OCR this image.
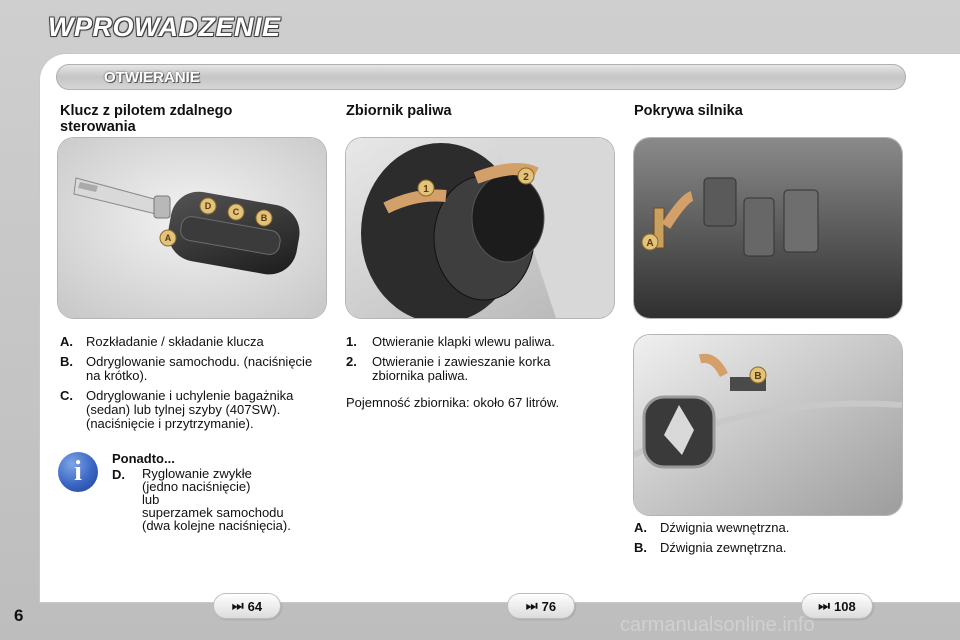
WPROWADZENIE
OTWIERANIE
Klucz z pilotem zdalnego sterowania
D
C
B
A
A.	Rozkładanie / składanie klucza
B.	Odryglowanie samochodu. (naciśnięcie na krótko).
C.	Odryglowanie i uchylenie bagażnika (sedan) lub tylnej szyby (407SW). (naciśnięcie i przytrzymanie).
i	Ponadto...
D. Ryglowanie zwykłe
(jedno naciśnięcie)
lub
superzamek samochodu
(dwa kolejne naciśnięcia).
Zbiornik paliwa
1
2
1.	Otwieranie klapki wlewu paliwa.
2.	Otwieranie i zawieszanie korka zbiornika paliwa.
Pojemność zbiornika: około 67 litrów.
Pokrywa silnika
A
B
A.	Dźwignia wewnętrzna.
B.	Dźwignia zewnętrzna.
⏭ 64	⏭ 76	⏭ 108
6	carmanualsonline.info
